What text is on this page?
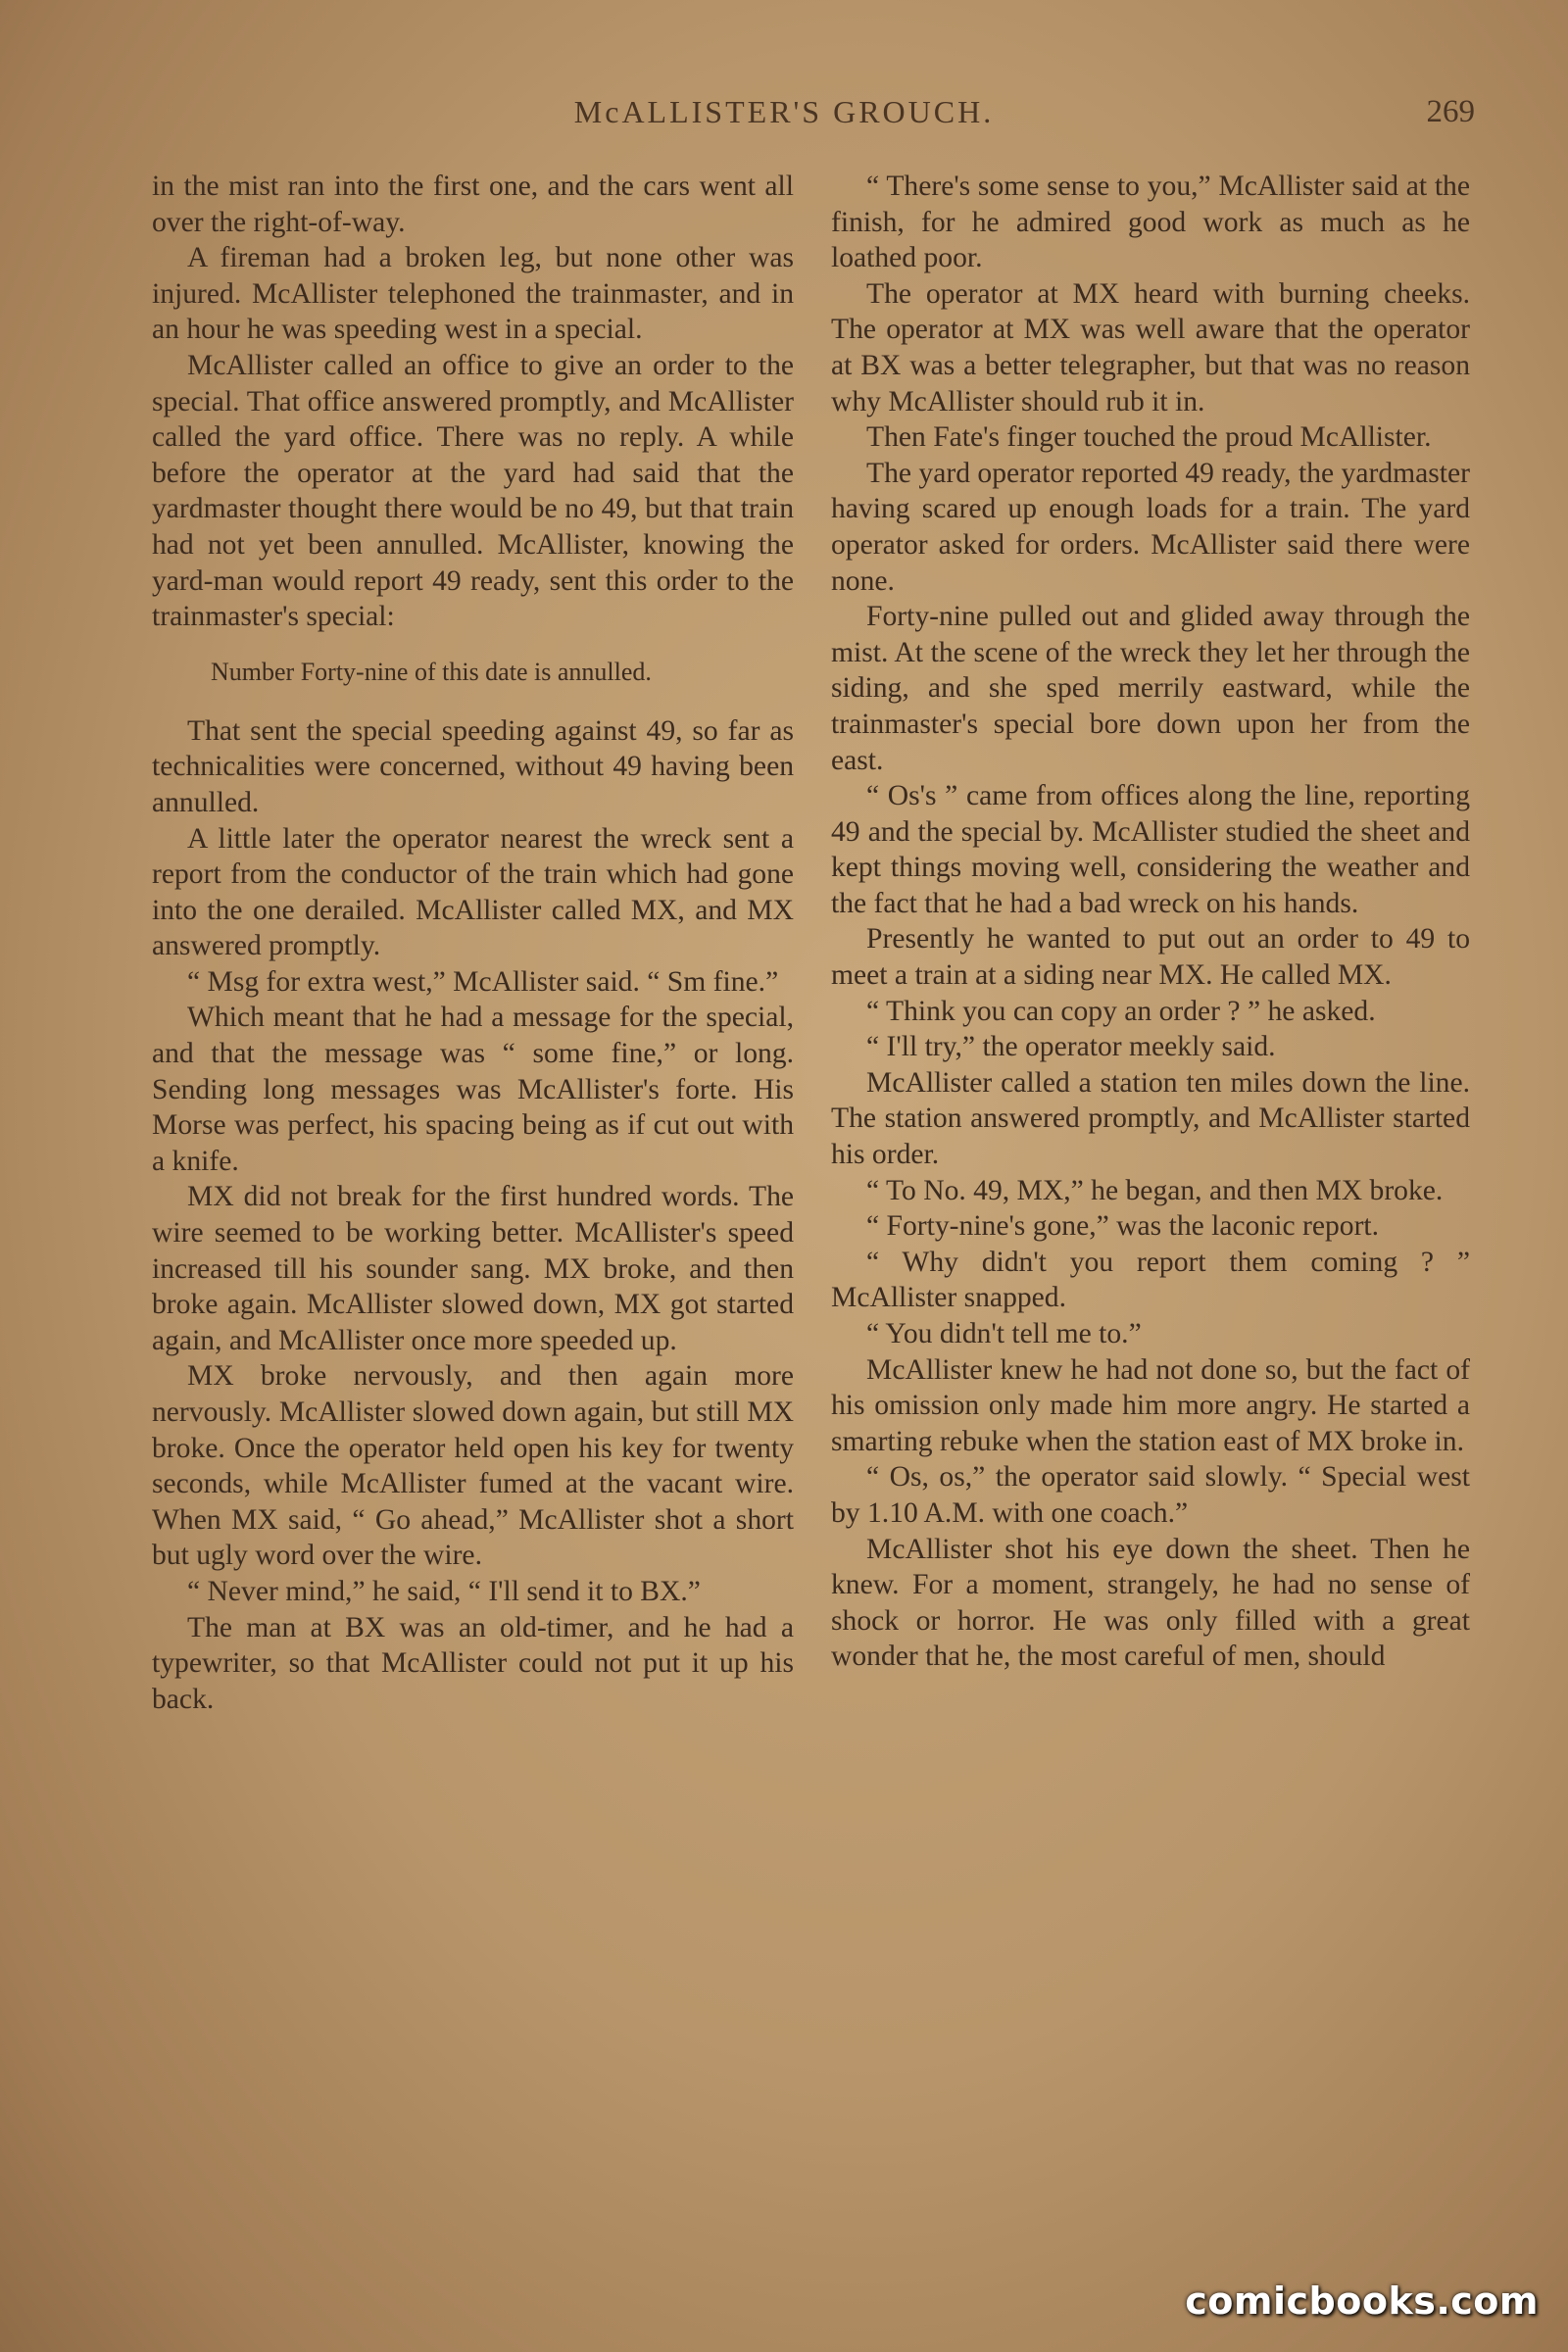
McALLISTER'S GROUCH.	269

in the mist ran into the first one, and the cars went all over the right-of-way.

A fireman had a broken leg, but none other was injured. McAllister telephoned the trainmaster, and in an hour he was speeding west in a special.

McAllister called an office to give an order to the special. That office answered promptly, and McAllister called the yard office. There was no reply. A while before the operator at the yard had said that the yardmaster thought there would be no 49, but that train had not yet been annulled. McAllister, knowing the yard-man would report 49 ready, sent this order to the trainmaster's special:

Number Forty-nine of this date is annulled.

That sent the special speeding against 49, so far as technicalities were concerned, without 49 having been annulled.

A little later the operator nearest the wreck sent a report from the conductor of the train which had gone into the one derailed. McAllister called MX, and MX answered promptly.

“ Msg for extra west,” McAllister said. “ Sm fine.”

Which meant that he had a message for the special, and that the message was “ some fine,” or long. Sending long messages was McAllister's forte. His Morse was perfect, his spacing being as if cut out with a knife.

MX did not break for the first hundred words. The wire seemed to be working better. McAllister's speed increased till his sounder sang. MX broke, and then broke again. McAllister slowed down, MX got started again, and McAllister once more speeded up.

MX broke nervously, and then again more nervously. McAllister slowed down again, but still MX broke. Once the operator held open his key for twenty seconds, while McAllister fumed at the vacant wire. When MX said, “ Go ahead,” McAllister shot a short but ugly word over the wire.

“ Never mind,” he said, “ I'll send it to BX.”

The man at BX was an old-timer, and he had a typewriter, so that McAllister could not put it up his back.

“ There's some sense to you,” McAllister said at the finish, for he admired good work as much as he loathed poor.

The operator at MX heard with burning cheeks. The operator at MX was well aware that the operator at BX was a better telegrapher, but that was no reason why McAllister should rub it in.

Then Fate's finger touched the proud McAllister.

The yard operator reported 49 ready, the yardmaster having scared up enough loads for a train. The yard operator asked for orders. McAllister said there were none.

Forty-nine pulled out and glided away through the mist. At the scene of the wreck they let her through the siding, and she sped merrily eastward, while the trainmaster's special bore down upon her from the east.

“ Os's ” came from offices along the line, reporting 49 and the special by. McAllister studied the sheet and kept things moving well, considering the weather and the fact that he had a bad wreck on his hands.

Presently he wanted to put out an order to 49 to meet a train at a siding near MX. He called MX.

“ Think you can copy an order ? ” he asked.

“ I'll try,” the operator meekly said.

McAllister called a station ten miles down the line. The station answered promptly, and McAllister started his order.

“ To No. 49, MX,” he began, and then MX broke.

“ Forty-nine's gone,” was the laconic report.

“ Why didn't you report them coming ? ” McAllister snapped.

“ You didn't tell me to.”

McAllister knew he had not done so, but the fact of his omission only made him more angry. He started a smarting rebuke when the station east of MX broke in.

“ Os, os,” the operator said slowly. “ Special west by 1.10 A.M. with one coach.”

McAllister shot his eye down the sheet. Then he knew. For a moment, strangely, he had no sense of shock or horror. He was only filled with a great wonder that he, the most careful of men, should

comicbooks.com
